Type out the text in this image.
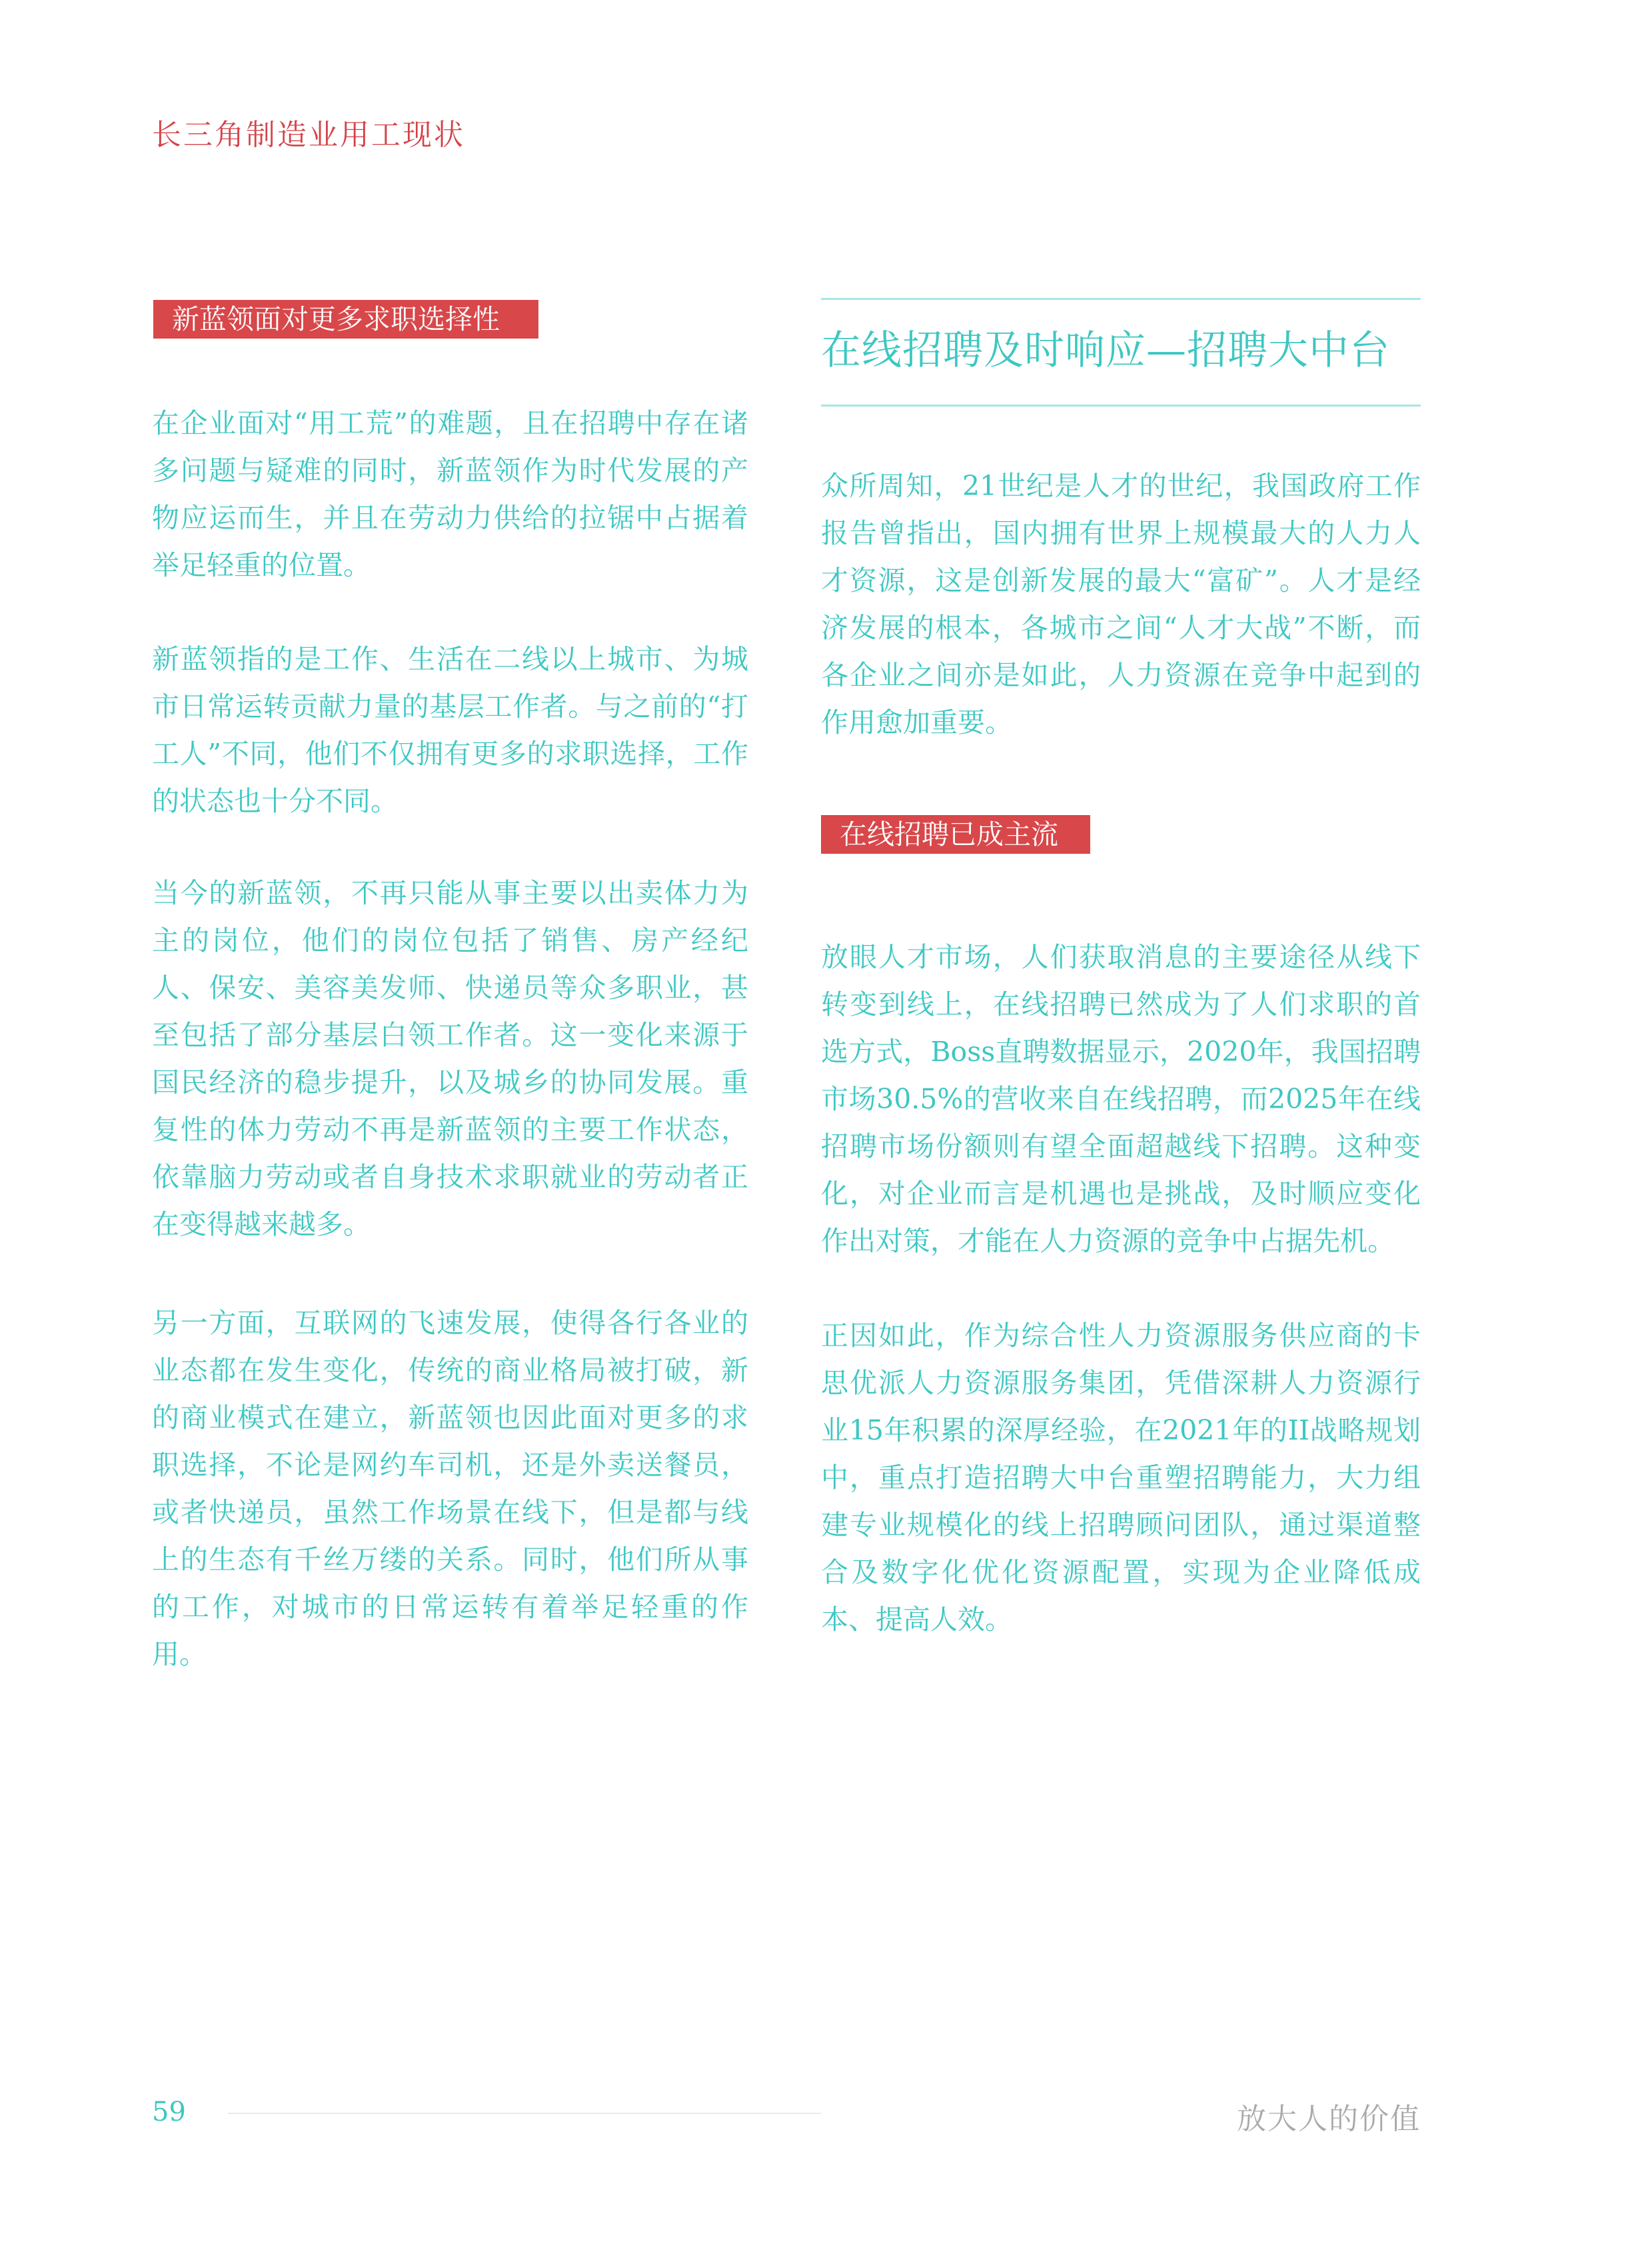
长三角制造业用工现状
新蓝领面对更多求职选择性

在企业面对“用工荒”的难题，且在招聘中存在诸多问题与疑难的同时，新蓝领作为时代发展的产物应运而生，并且在劳动力供给的拉锯中占据着举足轻重的位置。

新蓝领指的是工作、生活在二线以上城市、为城市日常运转贡献力量的基层工作者。与之前的“打工人”不同，他们不仅拥有更多的求职选择，工作的状态也十分不同。

当今的新蓝领，不再只能从事主要以出卖体力为主的岗位，他们的岗位包括了销售、房产经纪人、保安、美容美发师、快递员等众多职业，甚至包括了部分基层白领工作者。这一变化来源于国民经济的稳步提升，以及城乡的协同发展。重复性的体力劳动不再是新蓝领的主要工作状态，依靠脑力劳动或者自身技术求职就业的劳动者正在变得越来越多。

另一方面，互联网的飞速发展，使得各行各业的业态都在发生变化，传统的商业格局被打破，新的商业模式在建立，新蓝领也因此面对更多的求职选择，不论是网约车司机，还是外卖送餐员，或者快递员，虽然工作场景在线下，但是都与线上的生态有千丝万缕的关系。同时，他们所从事的工作，对城市的日常运转有着举足轻重的作用。

在线招聘及时响应—招聘大中台

众所周知，21世纪是人才的世纪，我国政府工作报告曾指出，国内拥有世界上规模最大的人力人才资源，这是创新发展的最大“富矿”。人才是经济发展的根本，各城市之间“人才大战”不断，而各企业之间亦是如此，人力资源在竞争中起到的作用愈加重要。

在线招聘已成主流

放眼人才市场，人们获取消息的主要途径从线下转变到线上，在线招聘已然成为了人们求职的首选方式，Boss直聘数据显示，2020年，我国招聘市场30.5%的营收来自在线招聘，而2025年在线招聘市场份额则有望全面超越线下招聘。这种变化，对企业而言是机遇也是挑战，及时顺应变化作出对策，才能在人力资源的竞争中占据先机。

正因如此，作为综合性人力资源服务供应商的卡思优派人力资源服务集团，凭借深耕人力资源行业15年积累的深厚经验，在2021年的II战略规划中，重点打造招聘大中台重塑招聘能力，大力组建专业规模化的线上招聘顾问团队，通过渠道整合及数字化优化资源配置，实现为企业降低成本、提高人效。

59	放大人的价值
